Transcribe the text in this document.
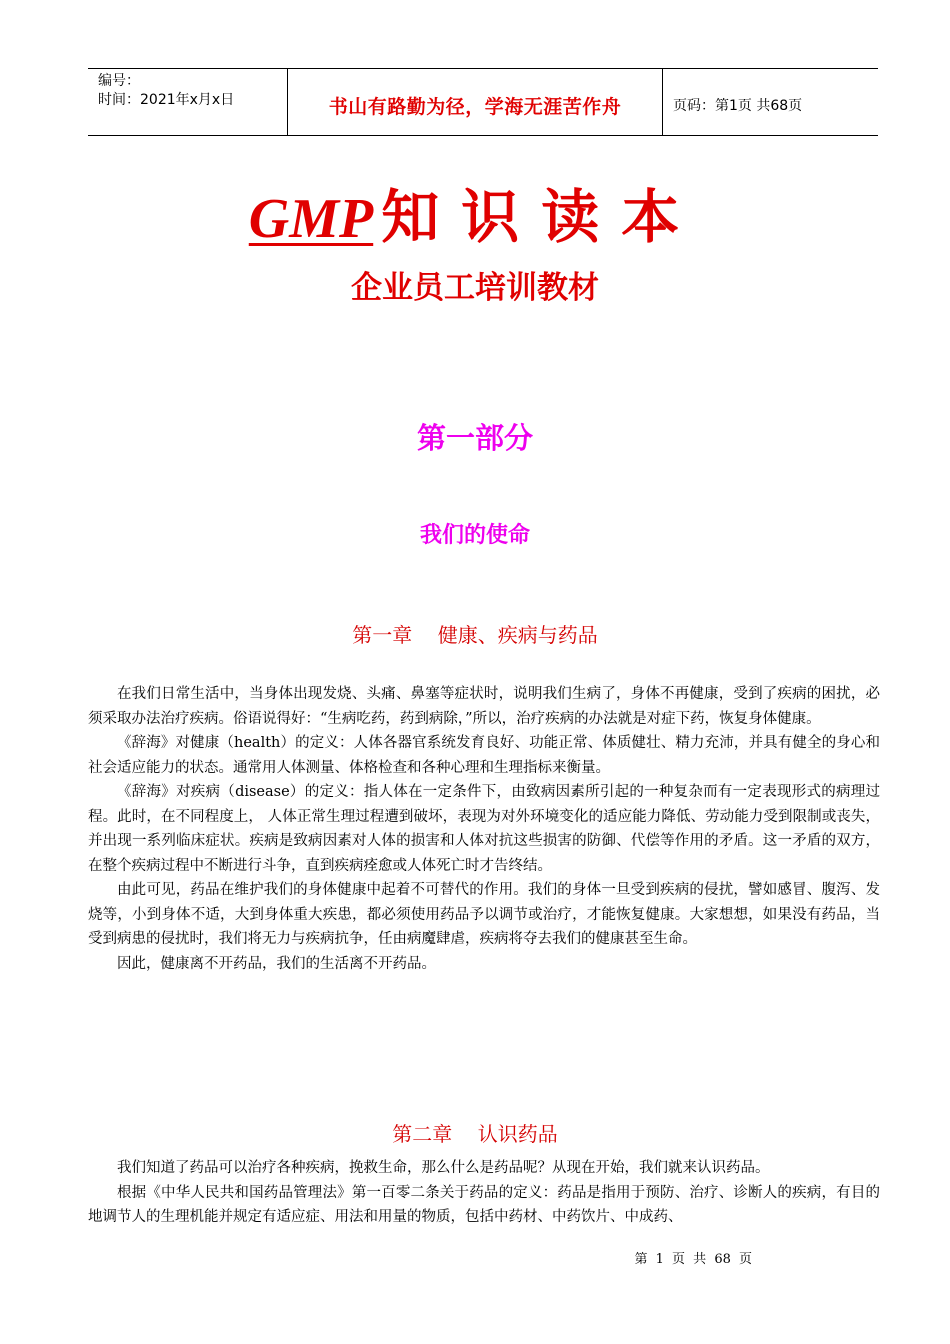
编号：
时间：2021年x月x日	书山有路勤为径，学海无涯苦作舟	页码：第1页 共68页
GMP 知识读本
企业员工培训教材
第一部分
我们的使命
第一章    健康、疾病与药品

在我们日常生活中，当身体出现发烧、头痛、鼻塞等症状时，说明我们生病了，身体不再健康，受到了疾病的困扰，必须采取办法治疗疾病。俗语说得好：“生病吃药，药到病除，”所以，治疗疾病的办法就是对症下药，恢复身体健康。

《辞海》对健康（health）的定义：人体各器官系统发育良好、功能正常、体质健壮、精力充沛，并具有健全的身心和社会适应能力的状态。通常用人体测量、体格检查和各种心理和生理指标来衡量。

《辞海》对疾病（disease）的定义：指人体在一定条件下，由致病因素所引起的一种复杂而有一定表现形式的病理过程。此时，在不同程度上， 人体正常生理过程遭到破坏，表现为对外环境变化的适应能力降低、劳动能力受到限制或丧失，并出现一系列临床症状。疾病是致病因素对人体的损害和人体对抗这些损害的防御、代偿等作用的矛盾。这一矛盾的双方，在整个疾病过程中不断进行斗争，直到疾病痊愈或人体死亡时才告终结。

由此可见，药品在维护我们的身体健康中起着不可替代的作用。我们的身体一旦受到疾病的侵扰，譬如感冒、腹泻、发烧等，小到身体不适，大到身体重大疾患，都必须使用药品予以调节或治疗，才能恢复健康。大家想想，如果没有药品，当受到病患的侵扰时，我们将无力与疾病抗争，任由病魔肆虐，疾病将夺去我们的健康甚至生命。

因此，健康离不开药品，我们的生活离不开药品。

第二章    认识药品

我们知道了药品可以治疗各种疾病，挽救生命，那么什么是药品呢？从现在开始，我们就来认识药品。

根据《中华人民共和国药品管理法》第一百零二条关于药品的定义：药品是指用于预防、治疗、诊断人的疾病，有目的地调节人的生理机能并规定有适应症、用法和用量的物质，包括中药材、中药饮片、中成药、

第 1 页 共 68 页
